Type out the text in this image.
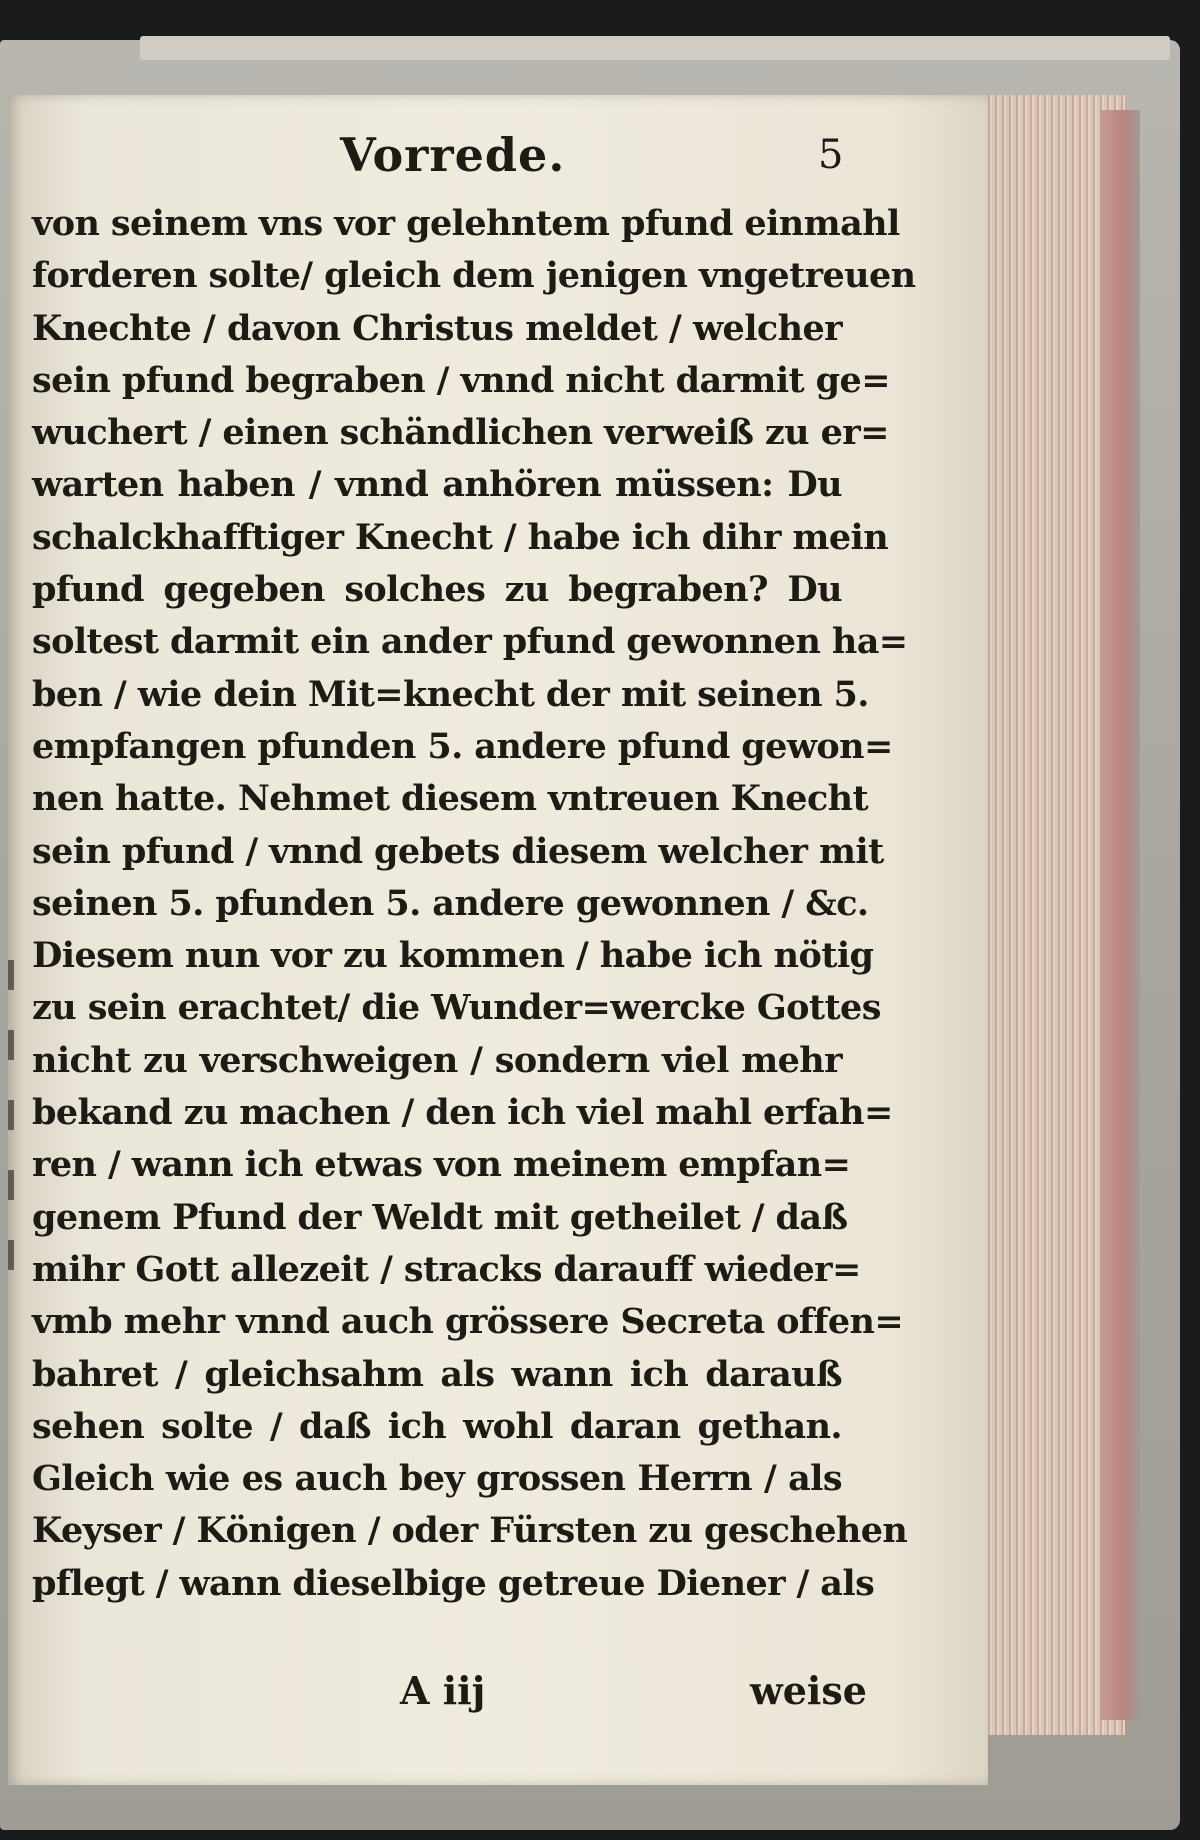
Vorrede.	5
von seinem vns vor gelehntem pfund einmahl
forderen solte/ gleich dem jenigen vngetreuen
Knechte / davon Christus meldet / welcher
sein pfund begraben / vnnd nicht darmit ge=
wuchert / einen schändlichen verweiß zu er=
warten haben / vnnd anhören müssen: Du
schalckhafftiger Knecht / habe ich dihr mein
pfund gegeben solches zu begraben? Du
soltest darmit ein ander pfund gewonnen ha=
ben / wie dein Mit=knecht der mit seinen 5.
empfangen pfunden 5. andere pfund gewon=
nen hatte. Nehmet diesem vntreuen Knecht
sein pfund / vnnd gebets diesem welcher mit
seinen 5. pfunden 5. andere gewonnen / &c.
Diesem nun vor zu kommen / habe ich nötig
zu sein erachtet/ die Wunder=wercke Gottes
nicht zu verschweigen / sondern viel mehr
bekand zu machen / den ich viel mahl erfah=
ren / wann ich etwas von meinem empfan=
genem Pfund der Weldt mit getheilet / daß
mihr Gott allezeit / stracks darauff wieder=
vmb mehr vnnd auch grössere Secreta offen=
bahret / gleichsahm als wann ich darauß
sehen solte / daß ich wohl daran gethan.
Gleich wie es auch bey grossen Herrn / als
Keyser / Königen / oder Fürsten zu geschehen
pflegt / wann dieselbige getreue Diener / als
A iij	weise
